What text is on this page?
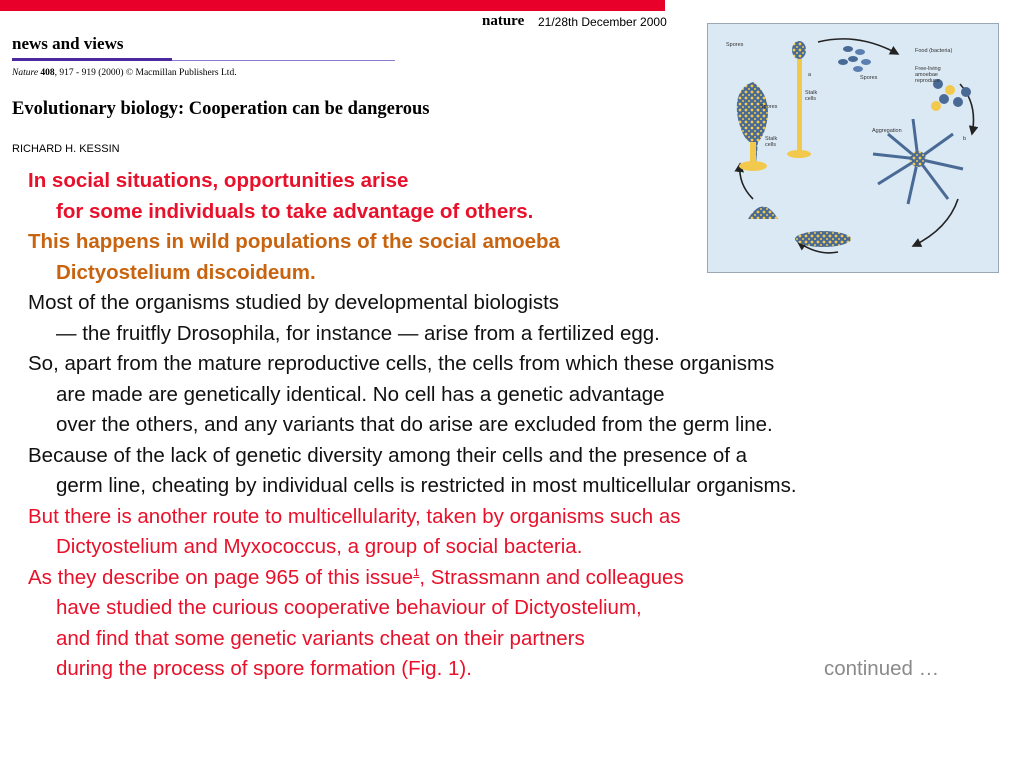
nature 21/28th December 2000
news and views
Nature 408, 917 - 919 (2000) © Macmillan Publishers Ltd.
Evolutionary biology: Cooperation can be dangerous
RICHARD H. KESSIN
Spores
Food (bacteria)
Free-living
amoebae
reproduce
Spores
Stalk
cells
Spores
Stalk
cells
Aggregation
a
b
In social situations, opportunities arise
for some individuals to take advantage of others.
This happens in wild populations of the social amoeba
Dictyostelium discoideum.
Most of the organisms studied by developmental biologists
— the fruitfly Drosophila, for instance — arise from a fertilized egg.
So, apart from the mature reproductive cells, the cells from which these organisms
are made are genetically identical. No cell has a genetic advantage
over the others, and any variants that do arise are excluded from the germ line.
Because of the lack of genetic diversity among their cells and the presence of a
germ line, cheating by individual cells is restricted in most multicellular organisms.
But there is another route to multicellularity, taken by organisms such as
Dictyostelium and Myxococcus, a group of social bacteria.
As they describe on page 965 of this issue$^1$, Strassmann and colleagues
have studied the curious cooperative behaviour of Dictyostelium,
and find that some genetic variants cheat on their partners
during the process of spore formation (Fig. 1).	continued …
